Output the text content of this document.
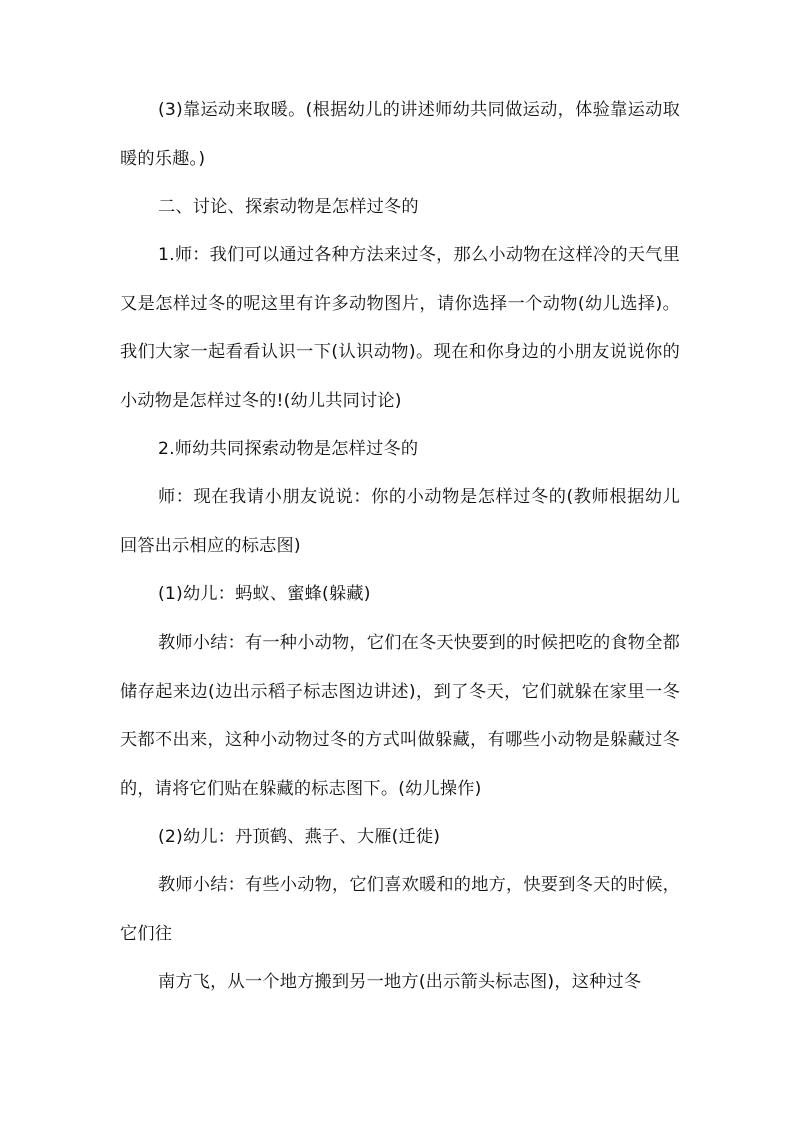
(3)靠运动来取暖。(根据幼儿的讲述师幼共同做运动，体验靠运动取暖的乐趣。)

二、讨论、探索动物是怎样过冬的

1.师：我们可以通过各种方法来过冬，那么小动物在这样冷的天气里又是怎样过冬的呢这里有许多动物图片，请你选择一个动物(幼儿选择)。我们大家一起看看认识一下(认识动物)。现在和你身边的小朋友说说你的小动物是怎样过冬的!(幼儿共同讨论)

2.师幼共同探索动物是怎样过冬的

师：现在我请小朋友说说：你的小动物是怎样过冬的(教师根据幼儿回答出示相应的标志图)

(1)幼儿：蚂蚁、蜜蜂(躲藏)

教师小结：有一种小动物，它们在冬天快要到的时候把吃的食物全都储存起来边(边出示稻子标志图边讲述)，到了冬天，它们就躲在家里一冬天都不出来，这种小动物过冬的方式叫做躲藏，有哪些小动物是躲藏过冬的，请将它们贴在躲藏的标志图下。(幼儿操作)

(2)幼儿：丹顶鹤、燕子、大雁(迁徙)

教师小结：有些小动物，它们喜欢暖和的地方，快要到冬天的时候，它们往

南方飞，从一个地方搬到另一地方(出示箭头标志图)，这种过冬
